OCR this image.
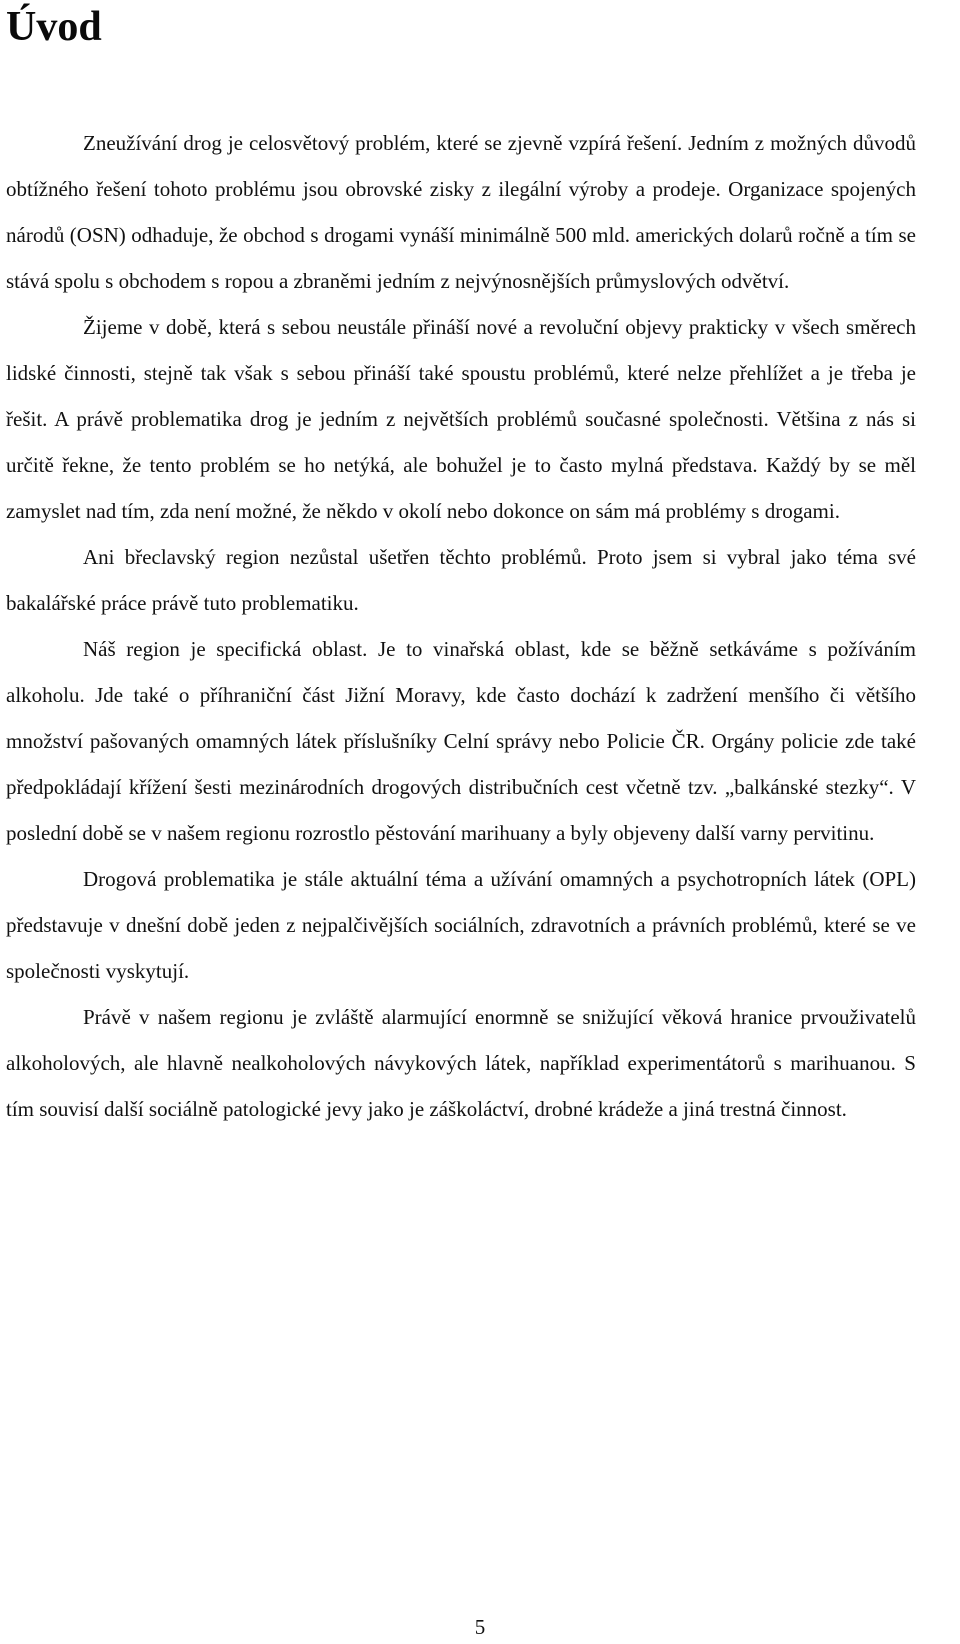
Úvod

Zneužívání drog je celosvětový problém, které se zjevně vzpírá řešení. Jedním z možných důvodů obtížného řešení tohoto problému jsou obrovské zisky z ilegální výroby a prodeje. Organizace spojených národů (OSN) odhaduje, že obchod s drogami vynáší minimálně 500 mld. amerických dolarů ročně a tím se stává spolu s obchodem s ropou a zbraněmi jedním z nejvýnosnějších průmyslových odvětví.

Žijeme v době, která s sebou neustále přináší nové a revoluční objevy prakticky v všech směrech lidské činnosti, stejně tak však s sebou přináší také spoustu problémů, které nelze přehlížet a je třeba je řešit. A právě problematika drog je jedním z největších problémů současné společnosti. Většina z nás si určitě řekne, že tento problém se ho netýká, ale bohužel je to často mylná představa. Každý by se měl zamyslet nad tím, zda není možné, že někdo v okolí nebo dokonce on sám má problémy s drogami.

Ani břeclavský region nezůstal ušetřen těchto problémů. Proto jsem si vybral jako téma své bakalářské práce právě tuto problematiku.

Náš region je specifická oblast. Je to vinařská oblast, kde se běžně setkáváme s požíváním alkoholu. Jde také o příhraniční část Jižní Moravy, kde často dochází k zadržení menšího či většího množství pašovaných omamných látek příslušníky Celní správy nebo Policie ČR. Orgány policie zde také předpokládají křížení šesti mezinárodních drogových distribučních cest včetně tzv. „balkánské stezky“. V poslední době se v našem regionu rozrostlo pěstování marihuany a byly objeveny další varny pervitinu.

Drogová problematika je stále aktuální téma a užívání omamných a psychotropních látek (OPL) představuje v dnešní době jeden z nejpalčivějších sociálních, zdravotních a právních problémů, které se ve společnosti vyskytují.

Právě v našem regionu je zvláště alarmující enormně se snižující věková hranice prvouživatelů alkoholových, ale hlavně nealkoholových návykových látek, například experimentátorů s marihuanou. S tím souvisí další sociálně patologické jevy jako je záškoláctví, drobné krádeže a jiná trestná činnost.

5
